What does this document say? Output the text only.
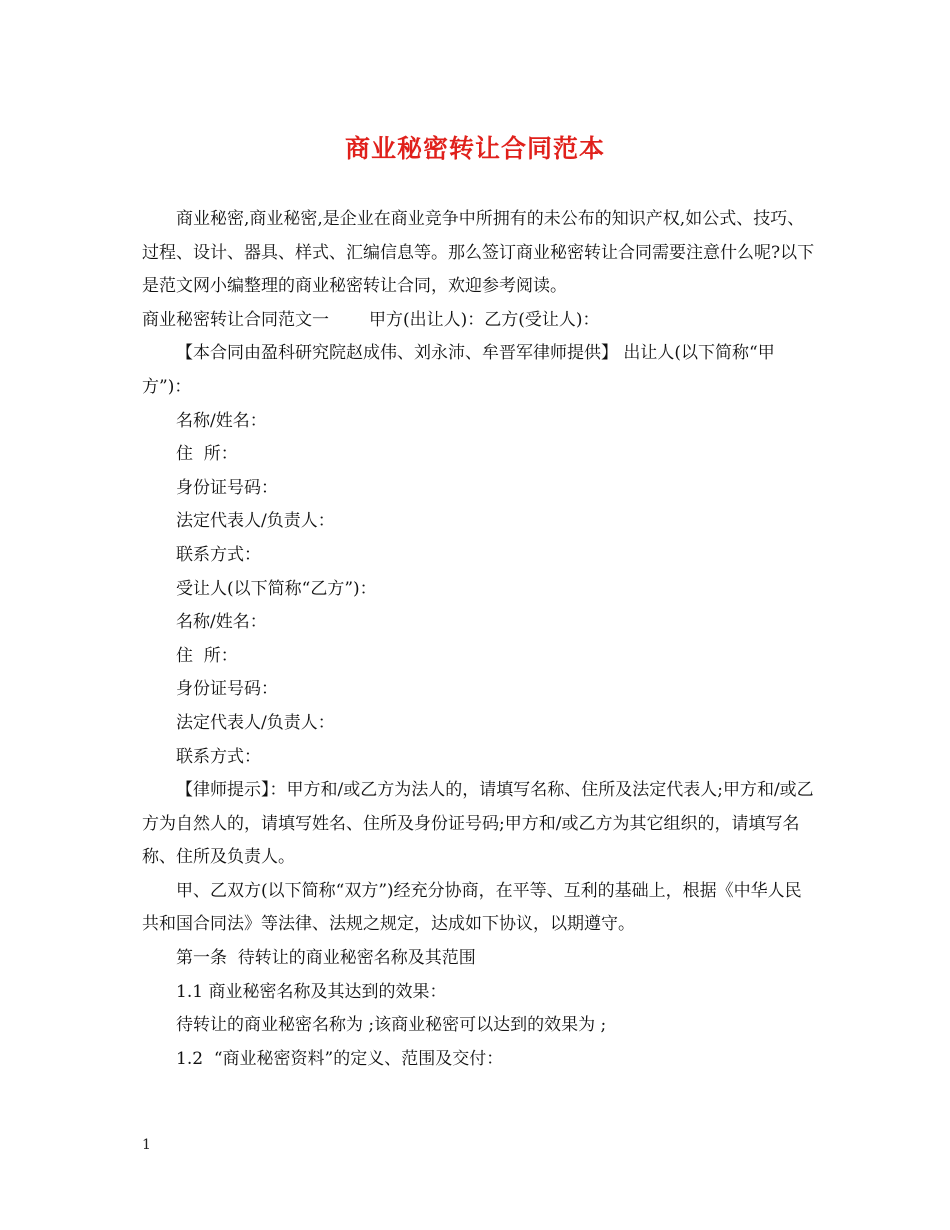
商业秘密转让合同范本

商业秘密,商业秘密,是企业在商业竞争中所拥有的未公布的知识产权,如公式、技巧、过程、设计、器具、样式、汇编信息等。那么签订商业秘密转让合同需要注意什么呢?以下是范文网小编整理的商业秘密转让合同，欢迎参考阅读。

商业秘密转让合同范文一 甲方(出让人)：乙方(受让人)：

【本合同由盈科研究院赵成伟、刘永沛、牟晋军律师提供】 出让人(以下简称“甲方”)：

名称/姓名：

住  所：

身份证号码：

法定代表人/负责人：

联系方式：

受让人(以下简称“乙方”)：

名称/姓名：

住  所：

身份证号码：

法定代表人/负责人：

联系方式：

【律师提示】：甲方和/或乙方为法人的，请填写名称、住所及法定代表人;甲方和/或乙方为自然人的，请填写姓名、住所及身份证号码;甲方和/或乙方为其它组织的，请填写名称、住所及负责人。

甲、乙双方(以下简称“双方”)经充分协商，在平等、互利的基础上，根据《中华人民共和国合同法》等法律、法规之规定，达成如下协议，以期遵守。

第一条  待转让的商业秘密名称及其范围

1.1 商业秘密名称及其达到的效果：

待转让的商业秘密名称为 ;该商业秘密可以达到的效果为 ;

1.2  “商业秘密资料”的定义、范围及交付：

1
